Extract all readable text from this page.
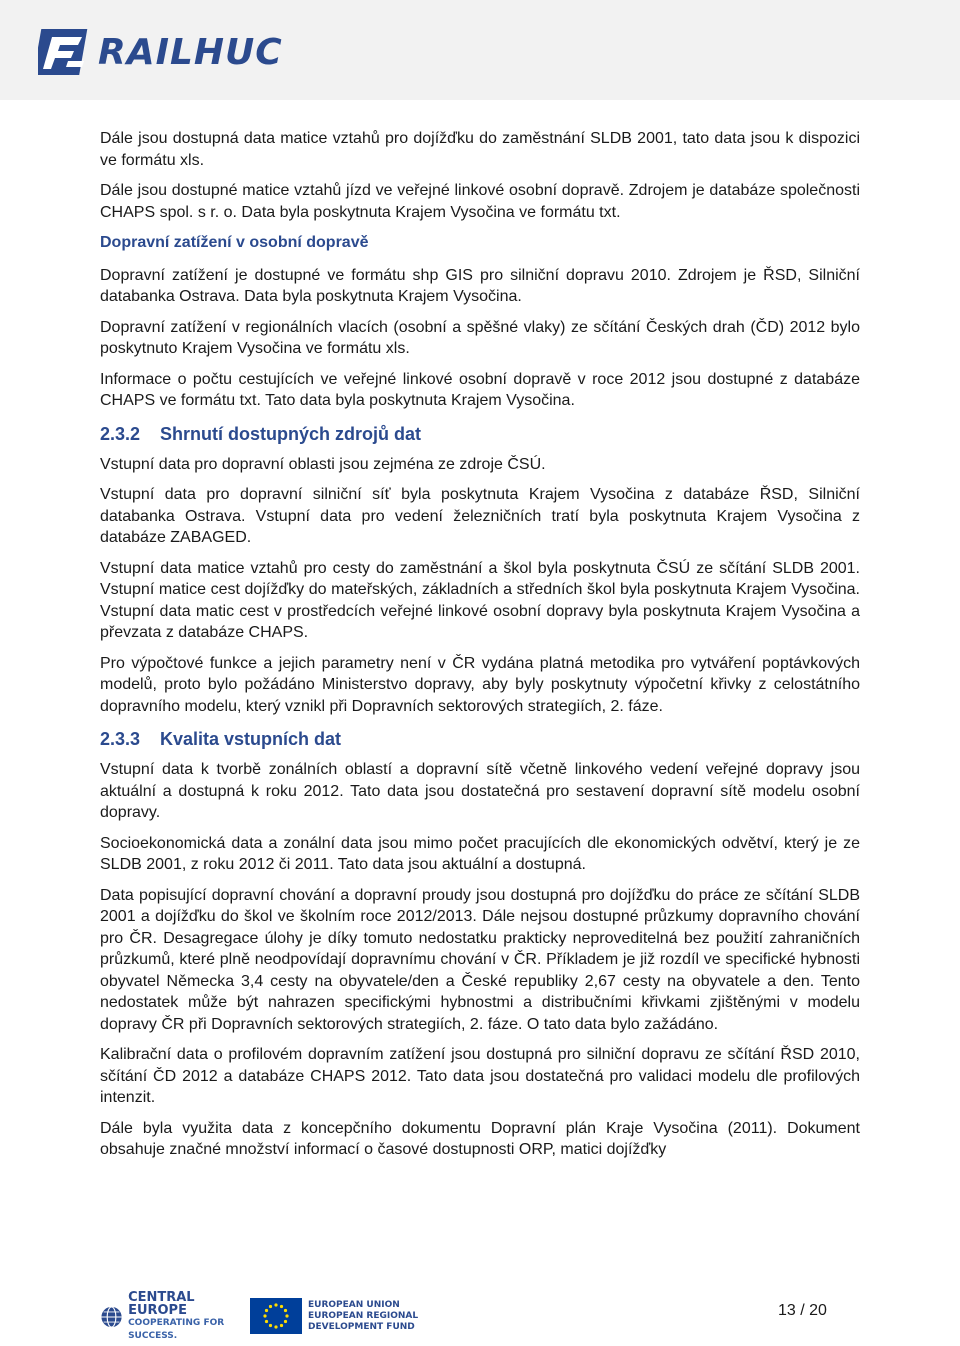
RAILHUC

Dále jsou dostupná data matice vztahů pro dojížďku do zaměstnání SLDB 2001, tato data jsou k dispozici ve formátu xls.

Dále jsou dostupné matice vztahů jízd ve veřejné linkové osobní dopravě. Zdrojem je databáze společnosti CHAPS spol. s r. o. Data byla poskytnuta Krajem Vysočina ve formátu txt.

Dopravní zatížení v osobní dopravě

Dopravní zatížení je dostupné ve formátu shp GIS pro silniční dopravu 2010. Zdrojem je ŘSD, Silniční databanka Ostrava. Data byla poskytnuta Krajem Vysočina.

Dopravní zatížení v regionálních vlacích (osobní a spěšné vlaky) ze sčítání Českých drah (ČD) 2012 bylo poskytnuto Krajem Vysočina ve formátu xls.

Informace o počtu cestujících ve veřejné linkové osobní dopravě v roce 2012 jsou dostupné z databáze CHAPS ve formátu txt. Tato data byla poskytnuta Krajem Vysočina.

2.3.2 Shrnutí dostupných zdrojů dat

Vstupní data pro dopravní oblasti jsou zejména ze zdroje ČSÚ.

Vstupní data pro dopravní silniční síť byla poskytnuta Krajem Vysočina z databáze ŘSD, Silniční databanka Ostrava. Vstupní data pro vedení železničních tratí byla poskytnuta Krajem Vysočina z databáze ZABAGED.

Vstupní data matice vztahů pro cesty do zaměstnání a škol byla poskytnuta ČSÚ ze sčítání SLDB 2001. Vstupní matice cest dojížďky do mateřských, základních a středních škol byla poskytnuta Krajem Vysočina. Vstupní data matic cest v prostředcích veřejné linkové osobní dopravy byla poskytnuta Krajem Vysočina a převzata z databáze CHAPS.

Pro výpočtové funkce a jejich parametry není v ČR vydána platná metodika pro vytváření poptávkových modelů, proto bylo požádáno Ministerstvo dopravy, aby byly poskytnuty výpočetní křivky z celostátního dopravního modelu, který vznikl při Dopravních sektorových strategiích, 2. fáze.

2.3.3 Kvalita vstupních dat

Vstupní data k tvorbě zonálních oblastí a dopravní sítě včetně linkového vedení veřejné dopravy jsou aktuální a dostupná k roku 2012. Tato data jsou dostatečná pro sestavení dopravní sítě modelu osobní dopravy.

Socioekonomická data a zonální data jsou mimo počet pracujících dle ekonomických odvětví, který je ze SLDB 2001, z roku 2012 či 2011. Tato data jsou aktuální a dostupná.

Data popisující dopravní chování a dopravní proudy jsou dostupná pro dojížďku do práce ze sčítání SLDB 2001 a dojížďku do škol ve školním roce 2012/2013. Dále nejsou dostupné průzkumy dopravního chování pro ČR. Desagregace úlohy je díky tomuto nedostatku prakticky neproveditelná bez použití zahraničních průzkumů, které plně neodpovídají dopravnímu chování v ČR. Příkladem je již rozdíl ve specifické hybnosti obyvatel Německa 3,4 cesty na obyvatele/den a České republiky 2,67 cesty na obyvatele a den. Tento nedostatek může být nahrazen specifickými hybnostmi a distribučními křivkami zjištěnými v modelu dopravy ČR při Dopravních sektorových strategiích, 2. fáze. O tato data bylo zažádáno.

Kalibrační data o profilovém dopravním zatížení jsou dostupná pro silniční dopravu ze sčítání ŘSD 2010, sčítání ČD 2012 a databáze CHAPS 2012. Tato data jsou dostatečná pro validaci modelu dle profilových intenzit.

Dále byla využita data z koncepčního dokumentu Dopravní plán Kraje Vysočina (2011). Dokument obsahuje značné množství informací o časové dostupnosti ORP, matici dojížďky

CENTRAL
EUROPE
COOPERATING FOR SUCCESS.
EUROPEAN UNION
EUROPEAN REGIONAL
DEVELOPMENT FUND
13 / 20
